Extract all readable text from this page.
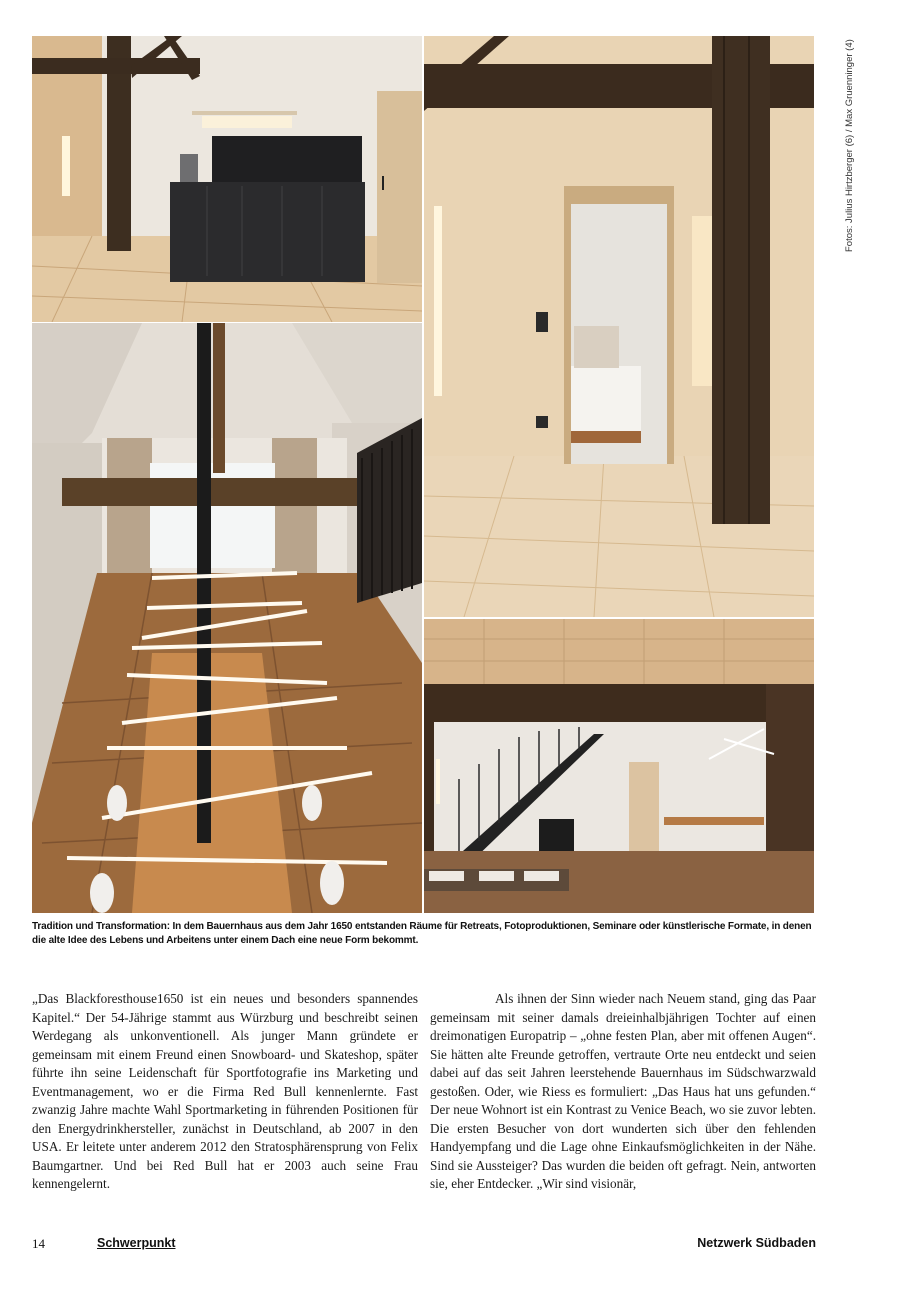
Fotos: Julius Hirtzberger (6) / Max Gruenninger (4)
Tradition und Transformation: In dem Bauernhaus aus dem Jahr 1650 entstanden Räume für Retreats, Fotoproduktionen, Seminare oder künstlerische Formate, in denen die alte Idee des Lebens und Arbeitens unter einem Dach eine neue Form bekommt.

„Das Blackforesthouse1650 ist ein neues und besonders spannendes Kapitel.“ Der 54-Jährige stammt aus Würzburg und beschreibt seinen Werdegang als unkonventionell. Als junger Mann gründete er gemeinsam mit einem Freund einen Snowboard- und Skateshop, später führte ihn seine Leidenschaft für Sportfotografie ins Marketing und Eventmanagement, wo er die Firma Red Bull kennenlernte. Fast zwanzig Jahre machte Wahl Sportmarketing in führenden Positionen für den Energydrinkhersteller, zunächst in Deutschland, ab 2007 in den USA. Er leitete unter anderem 2012 den Stratosphärensprung von Felix Baumgartner. Und bei Red Bull hat er 2003 auch seine Frau kennengelernt.

Als ihnen der Sinn wieder nach Neuem stand, ging das Paar gemeinsam mit seiner damals dreieinhalbjährigen Tochter auf einen dreimonatigen Europatrip – „ohne festen Plan, aber mit offenen Augen“. Sie hätten alte Freunde getroffen, vertraute Orte neu entdeckt und seien dabei auf das seit Jahren leerstehende Bauernhaus im Südschwarzwald gestoßen. Oder, wie Riess es formuliert: „Das Haus hat uns gefunden.“ Der neue Wohnort ist ein Kontrast zu Venice Beach, wo sie zuvor lebten. Die ersten Besucher von dort wunderten sich über den fehlenden Handyempfang und die Lage ohne Einkaufsmöglichkeiten in der Nähe. Sind sie Aussteiger? Das wurden die beiden oft gefragt. Nein, antworten sie, eher Entdecker. „Wir sind visionär,

14	Schwerpunkt	Netzwerk Südbaden
